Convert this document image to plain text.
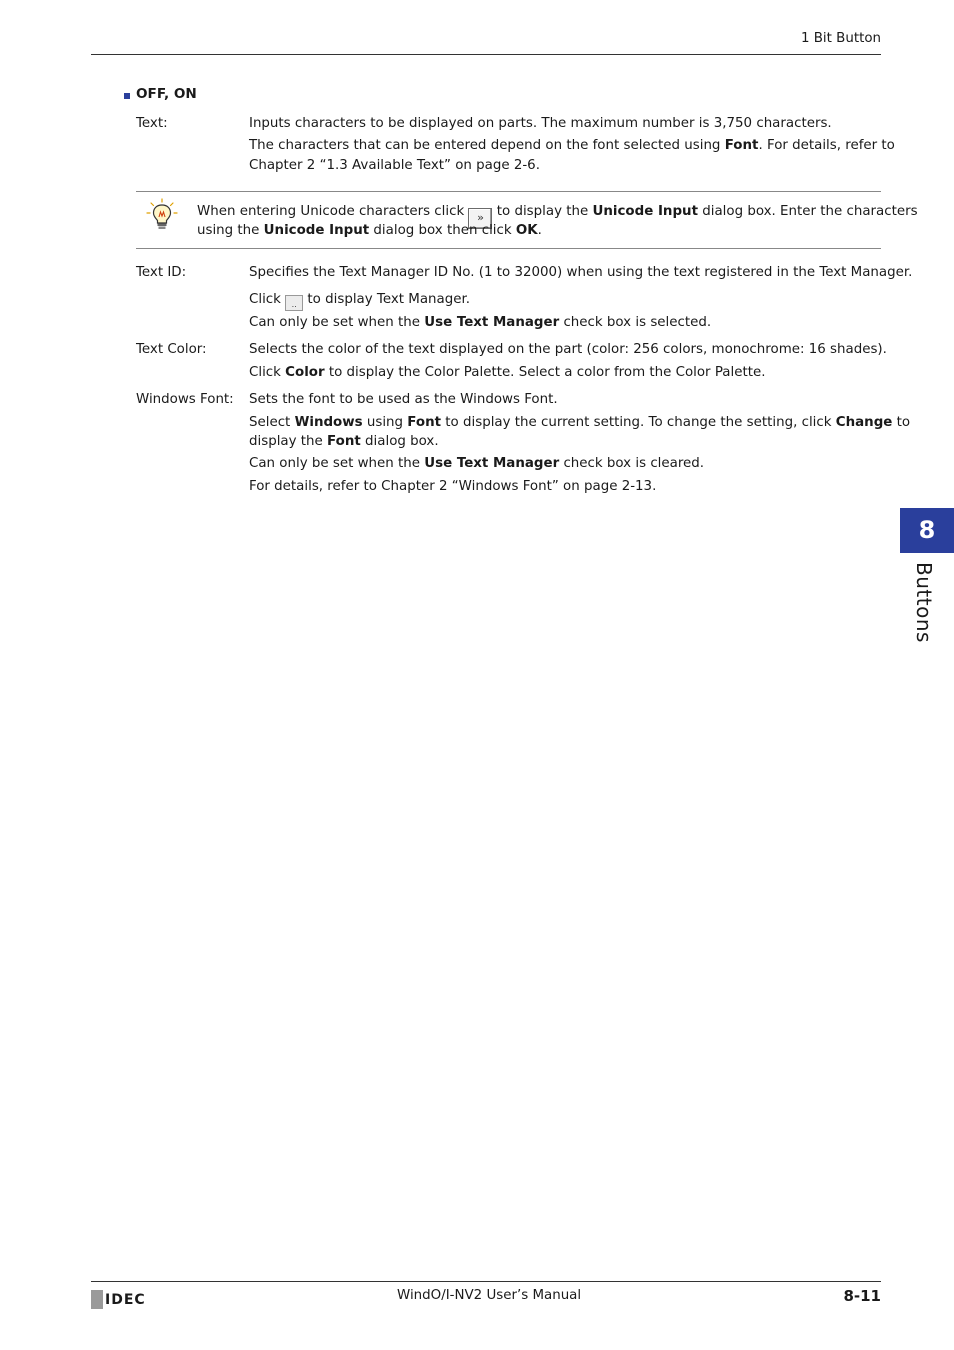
1 Bit Button
OFF, ON
Text:	Inputs characters to be displayed on parts. The maximum number is 3,750 characters.
The characters that can be entered depend on the font selected using Font. For details, refer to
Chapter 2 “1.3 Available Text” on page 2-6.
When entering Unicode characters click » to display the Unicode Input dialog box. Enter the characters
using the Unicode Input dialog box then click OK.
Text ID:	Specifies the Text Manager ID No. (1 to 32000) when using the text registered in the Text Manager.
Click .. to display Text Manager.
Can only be set when the Use Text Manager check box is selected.
Text Color:	Selects the color of the text displayed on the part (color: 256 colors, monochrome: 16 shades).
Click Color to display the Color Palette. Select a color from the Color Palette.
Windows Font: Sets the font to be used as the Windows Font.
Select Windows using Font to display the current setting. To change the setting, click Change to
display the Font dialog box.
Can only be set when the Use Text Manager check box is cleared.
For details, refer to Chapter 2 “Windows Font” on page 2-13.
8
Buttons
IDEC	WindO/I-NV2 User’s Manual	8-11
